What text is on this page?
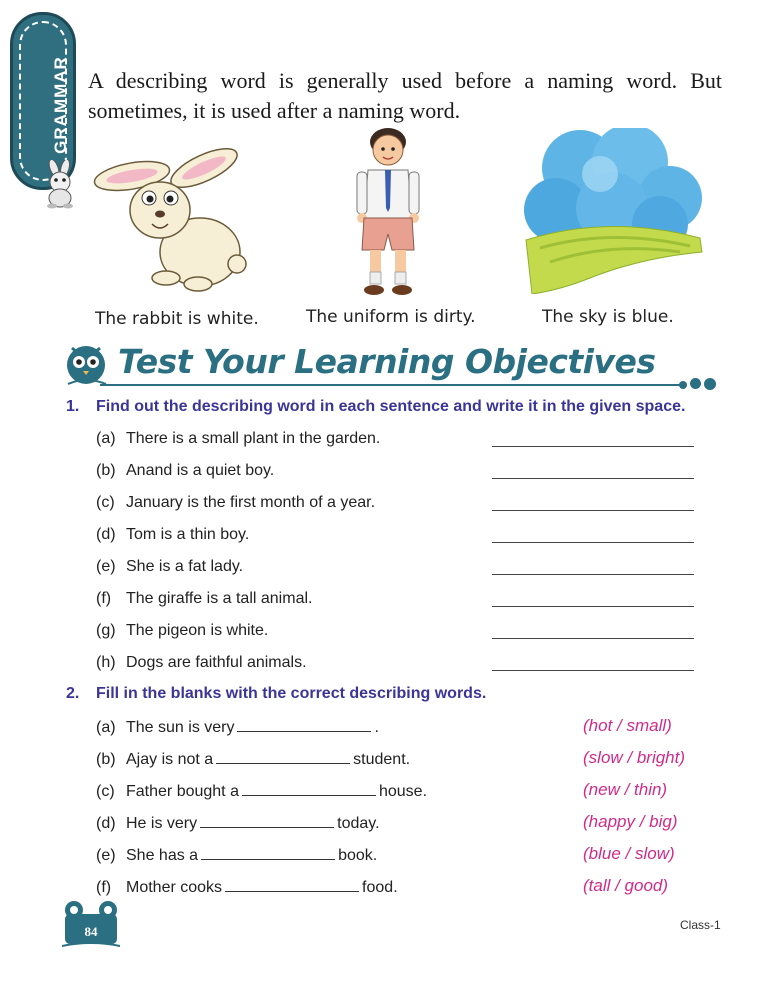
GRAMMAR A describing word is generally used before a naming word. But sometimes, it is used after a naming word.
The rabbit is white.	The uniform is dirty.	The sky is blue.
Test Your Learning Objectives
1. Find out the describing word in each sentence and write it in the given space.
(a) There is a small plant in the garden.
(b) Anand is a quiet boy.
(c) January is the first month of a year.
(d) Tom is a thin boy.
(e) She is a fat lady.
(f) The giraffe is a tall animal.
(g) The pigeon is white.
(h) Dogs are faithful animals.
2. Fill in the blanks with the correct describing words.
(a) The sun is very	.	(hot / small)
(b) Ajay is not a	student.	(slow / bright)
(c) Father bought a	house.	(new / thin)
(d) He is very	today.	(happy / big)
(e) She has a	book.	(blue / slow)
(f) Mother cooks	food.	(tall / good)
84	Class-1
